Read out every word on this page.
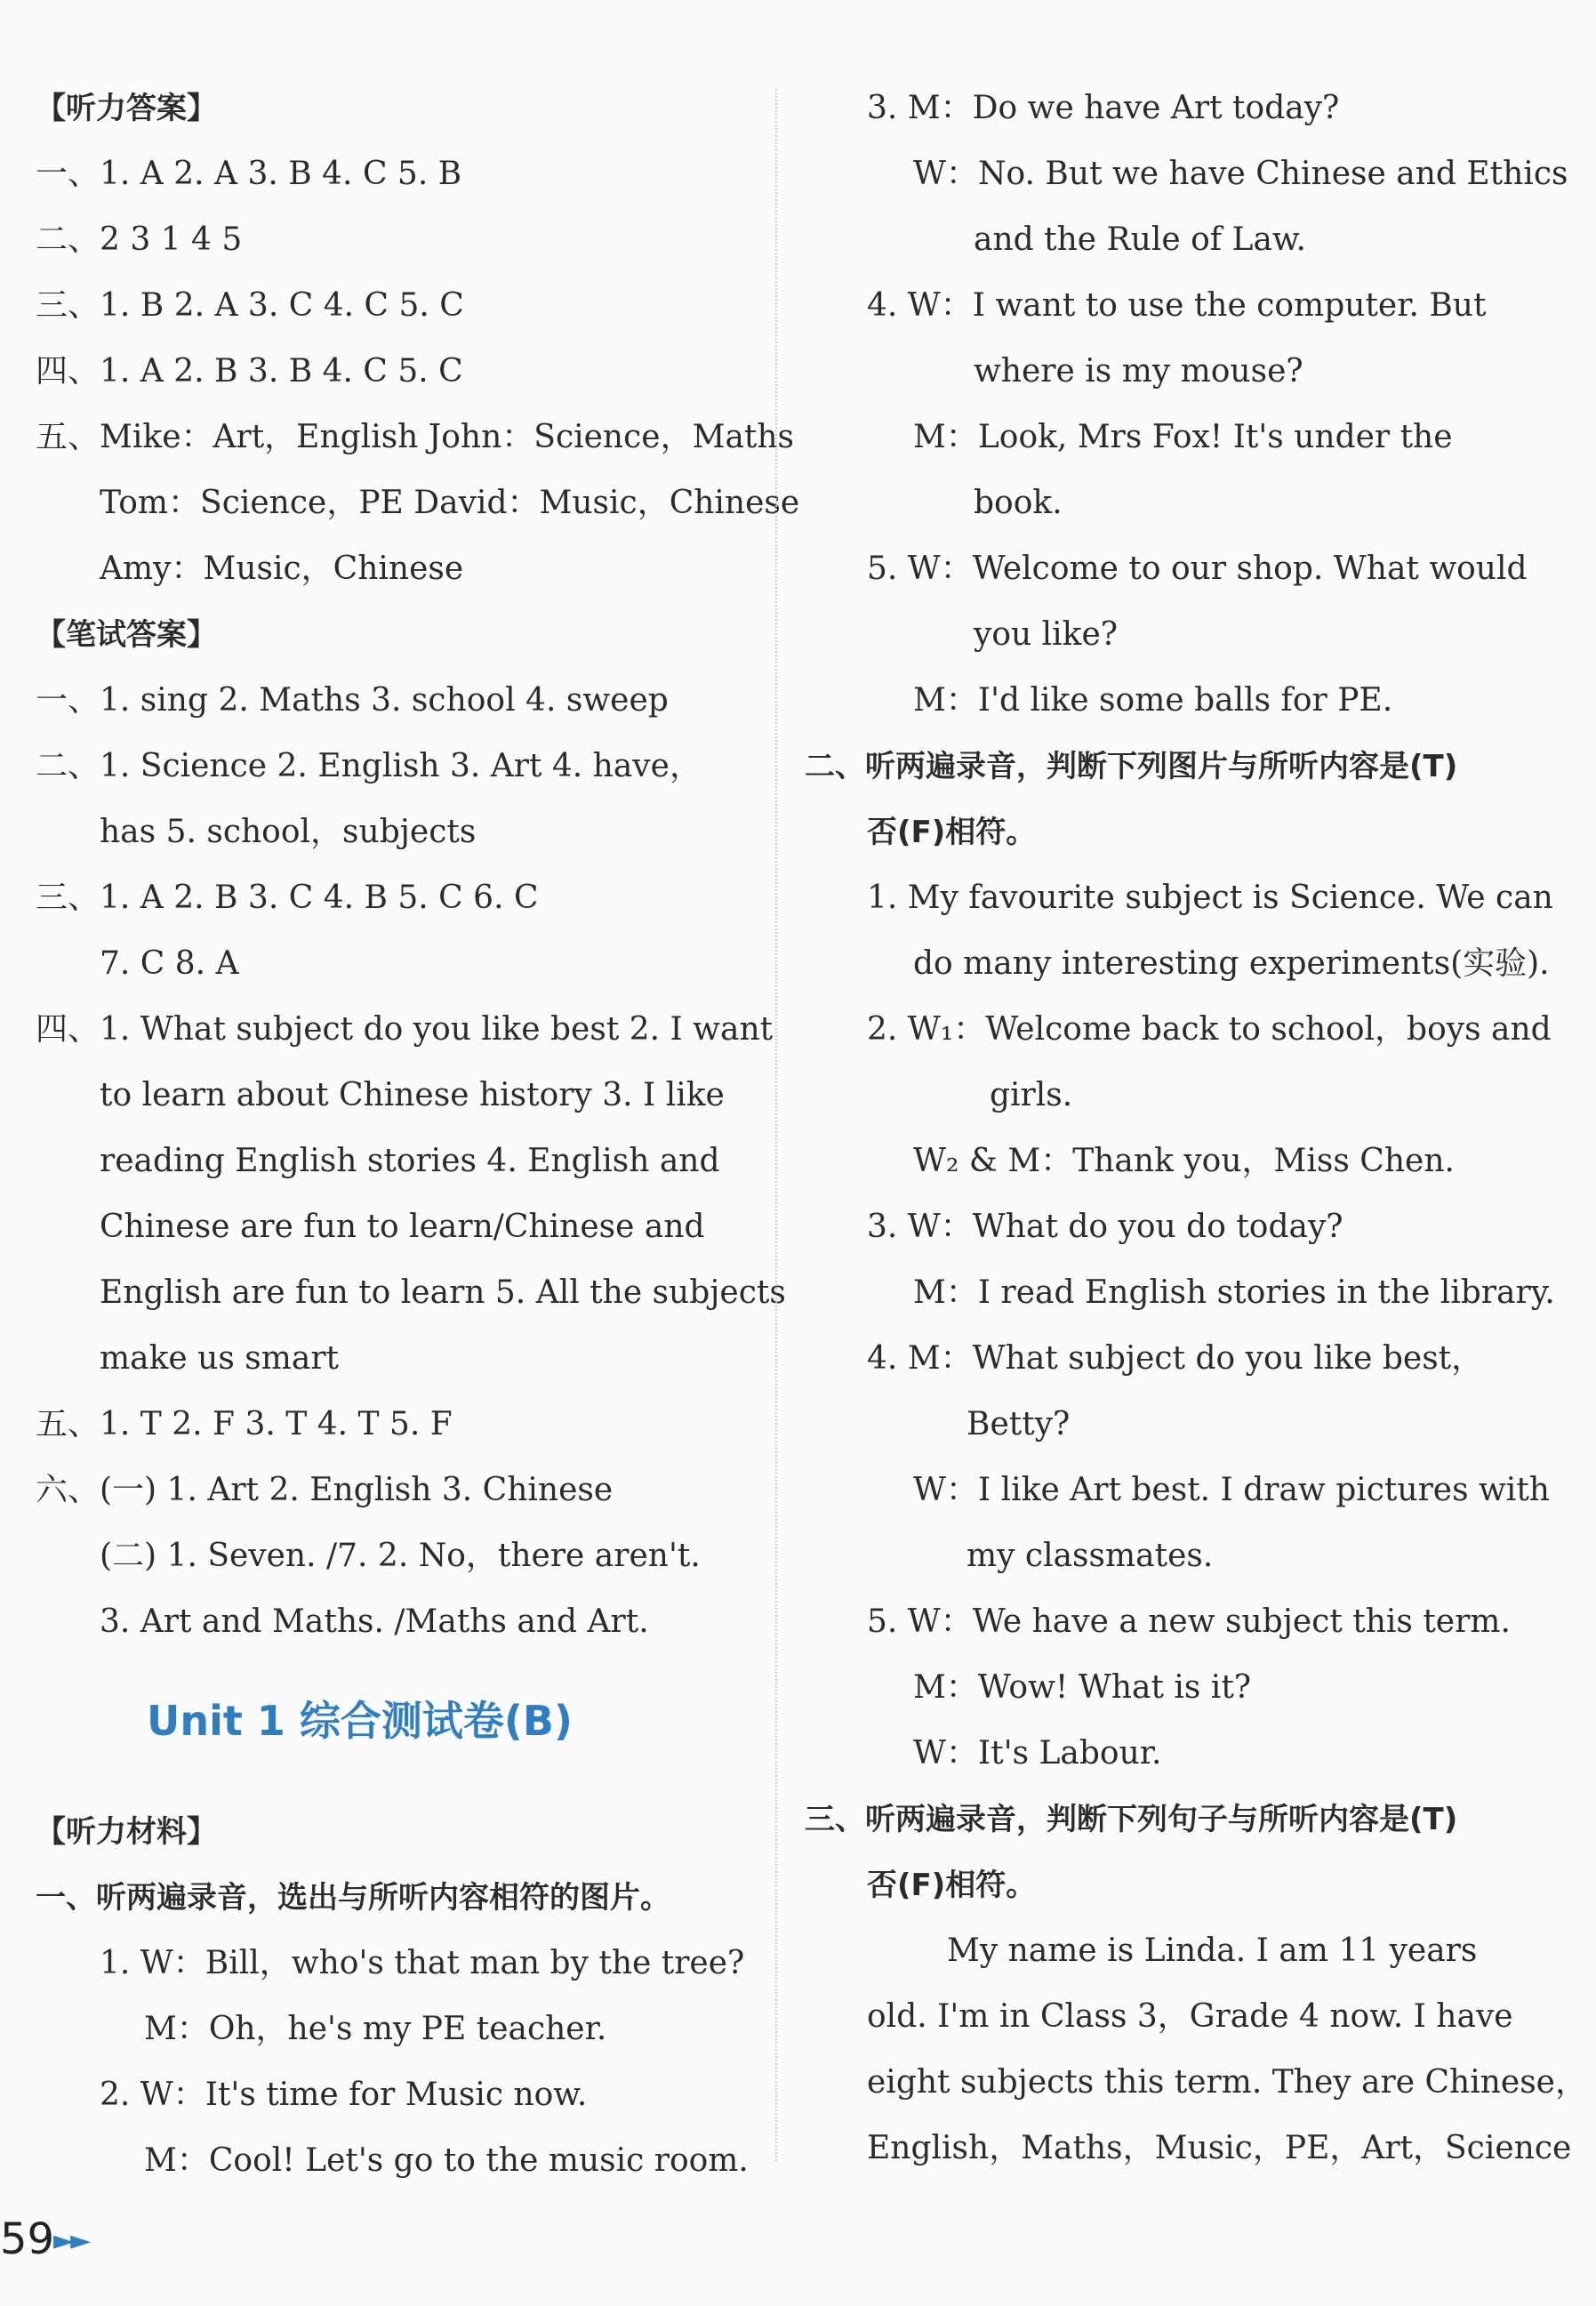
【听力答案】
一、1. A 2. A 3. B 4. C 5. B
二、2 3 1 4 5
三、1. B 2. A 3. C 4. C 5. C
四、1. A 2. B 3. B 4. C 5. C
五、Mike：Art，English John：Science，Maths
Tom：Science，PE David：Music，Chinese
Amy：Music，Chinese
【笔试答案】
一、1. sing 2. Maths 3. school 4. sweep
二、1. Science 2. English 3. Art 4. have，
has 5. school，subjects
三、1. A 2. B 3. C 4. B 5. C 6. C
7. C 8. A
四、1. What subject do you like best 2. I want
to learn about Chinese history 3. I like
reading English stories 4. English and
Chinese are fun to learn/Chinese and
English are fun to learn 5. All the subjects
make us smart
五、1. T 2. F 3. T 4. T 5. F
六、(一) 1. Art 2. English 3. Chinese
(二) 1. Seven. /7. 2. No，there aren't.
3. Art and Maths. /Maths and Art.
【听力材料】
一、听两遍录音，选出与所听内容相符的图片。
1. W：Bill，who's that man by the tree?
M：Oh，he's my PE teacher.
2. W：It's time for Music now.
M：Cool! Let's go to the music room.
Unit 1 综合测试卷(B)
3. M：Do we have Art today?
W：No. But we have Chinese and Ethics
and the Rule of Law.
4. W：I want to use the computer. But
where is my mouse?
M：Look, Mrs Fox! It's under the
book.
5. W：Welcome to our shop. What would
you like?
M：I'd like some balls for PE.
二、听两遍录音，判断下列图片与所听内容是(T)
否(F)相符。
1. My favourite subject is Science. We can
do many interesting experiments(实验).
2. W₁：Welcome back to school，boys and
girls.
W₂ & M：Thank you，Miss Chen.
3. W：What do you do today?
M：I read English stories in the library.
4. M：What subject do you like best，
Betty?
W：I like Art best. I draw pictures with
my classmates.
5. W：We have a new subject this term.
M：Wow! What is it?
W：It's Labour.
三、听两遍录音，判断下列句子与所听内容是(T)
否(F)相符。
My name is Linda. I am 11 years
old. I'm in Class 3，Grade 4 now. I have
eight subjects this term. They are Chinese，
English，Maths，Music，PE，Art，Science
59
►►
